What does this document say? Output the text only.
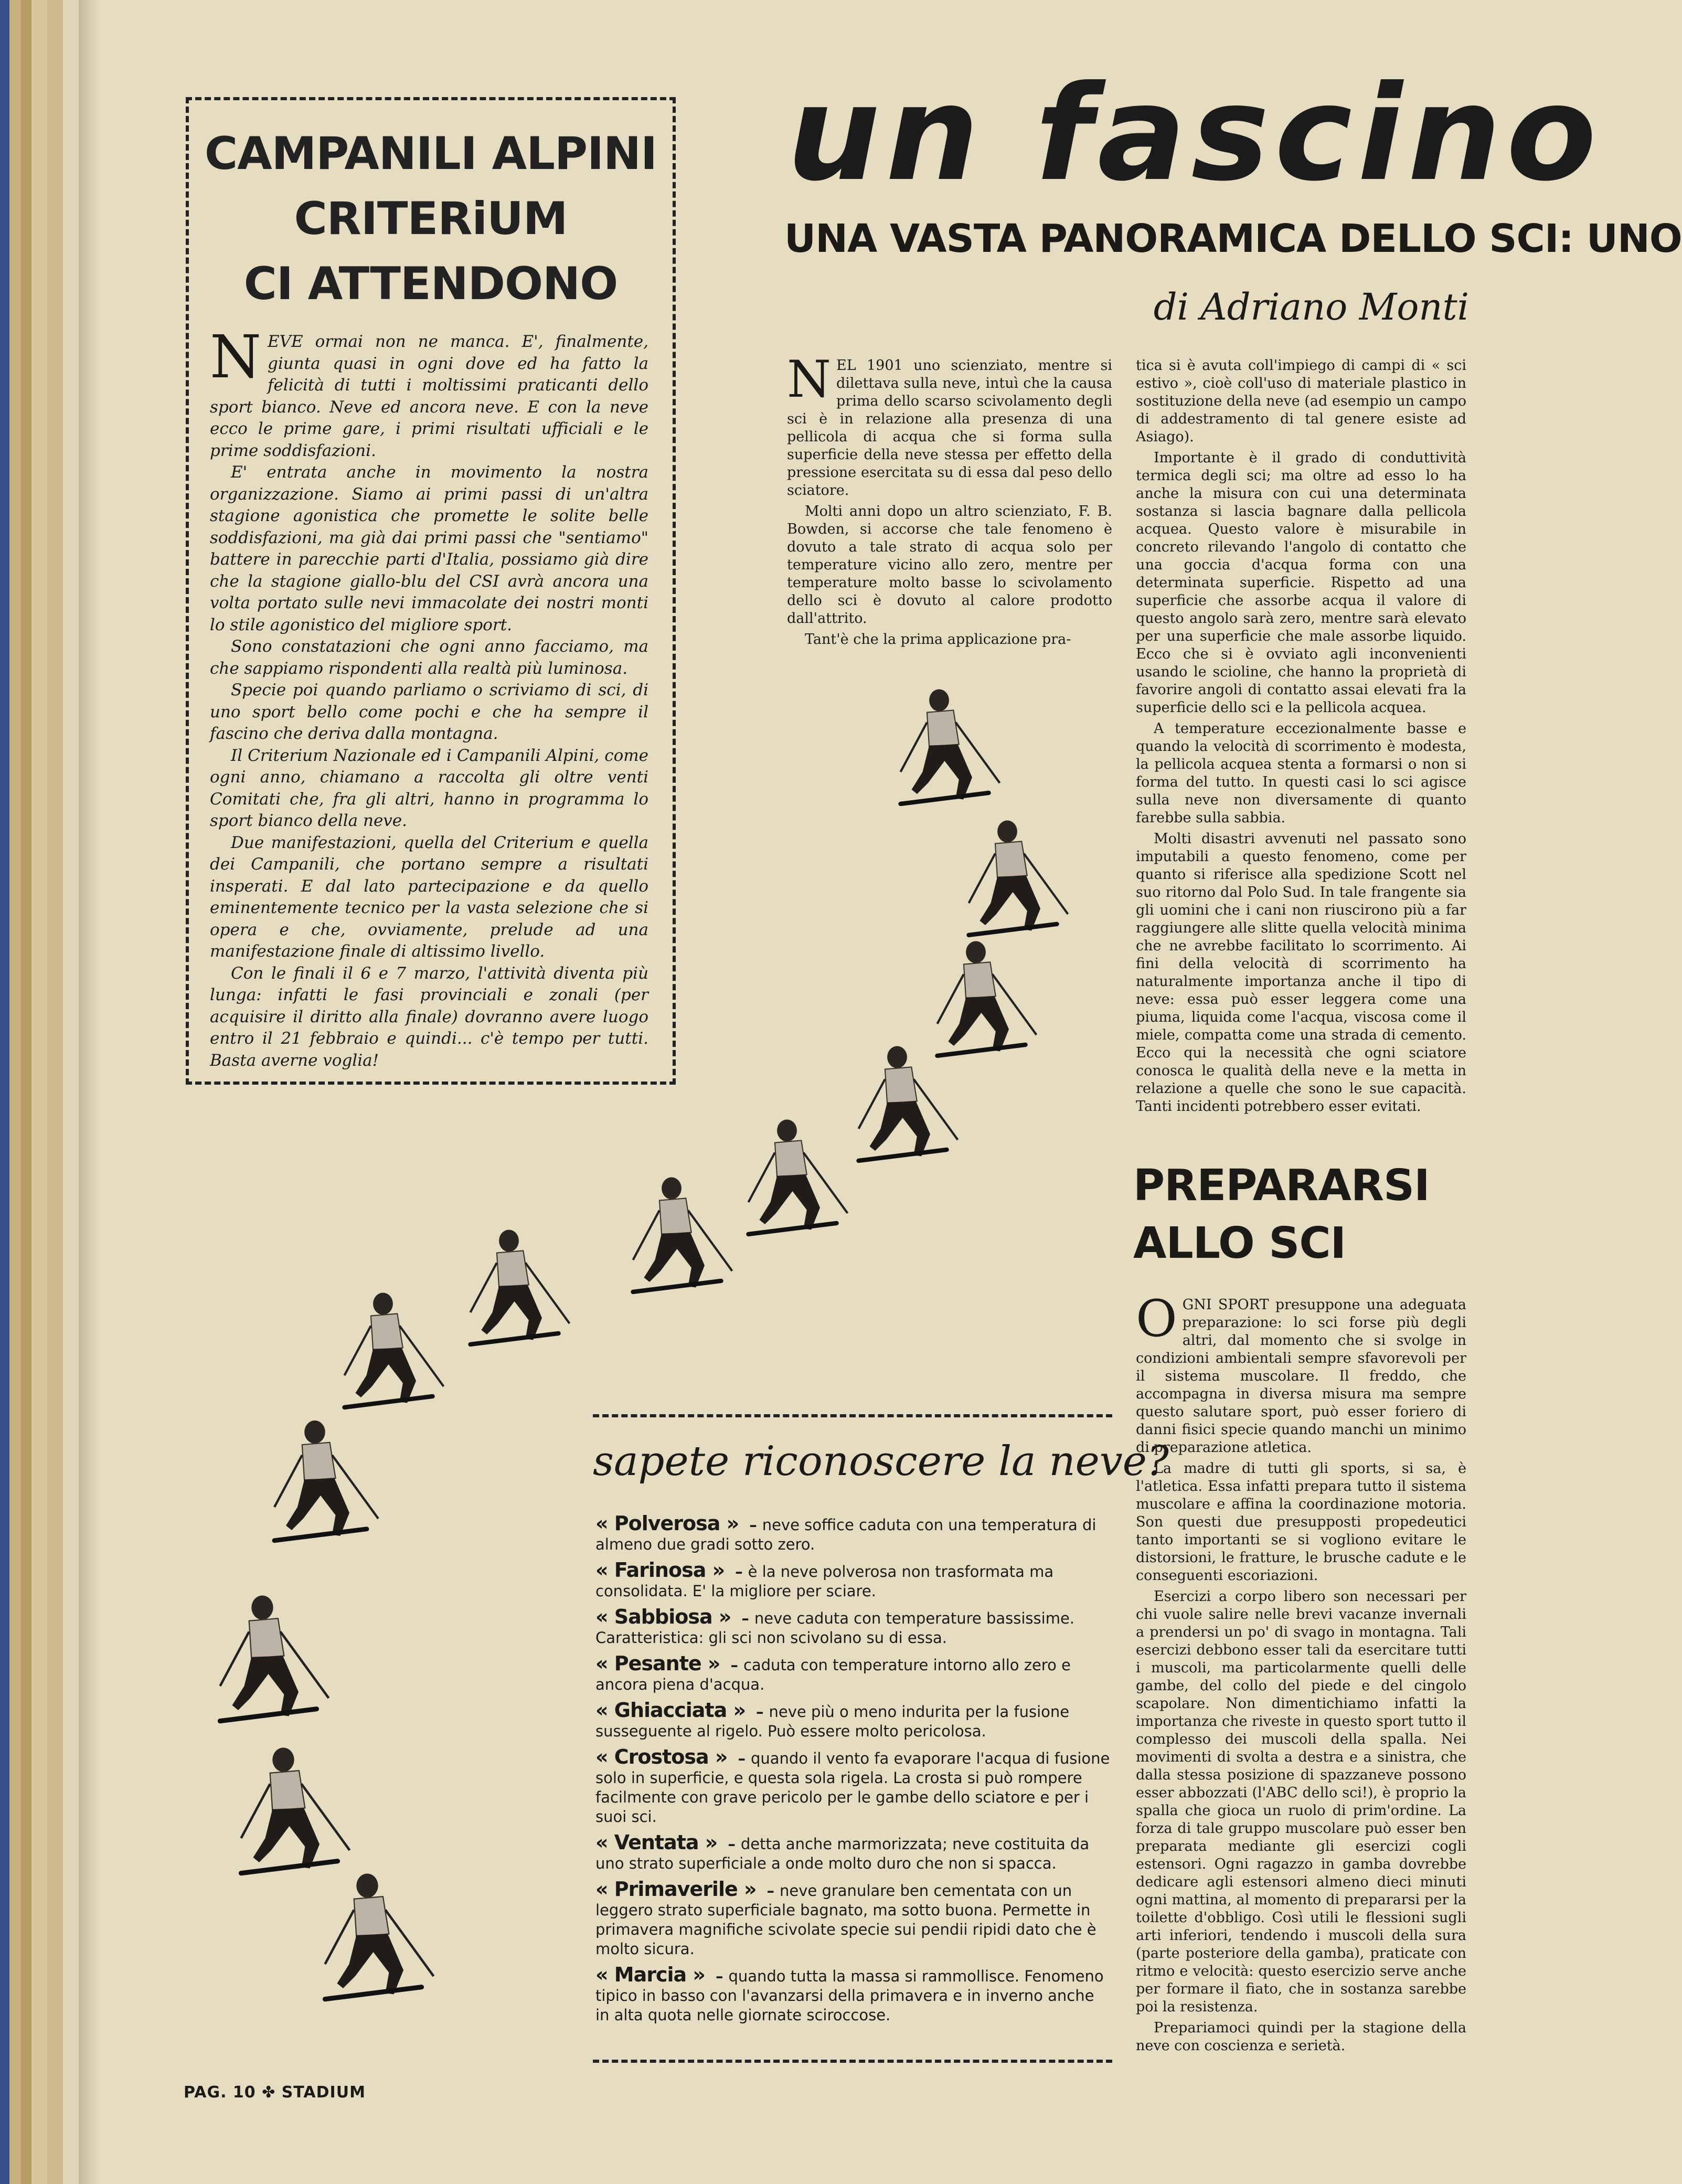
CAMPANILI ALPINI
CRITERiUM
CI ATTENDONO

NEVE ormai non ne manca. E', finalmente, giunta quasi in ogni dove ed ha fatto la felicità di tutti i moltissimi praticanti dello sport bianco. Neve ed ancora neve. E con la neve ecco le prime gare, i primi risultati ufficiali e le prime soddisfazioni.

E' entrata anche in movimento la nostra organizzazione. Siamo ai primi passi di un'altra stagione agonistica che promette le solite belle soddisfazioni, ma già dai primi passi che "sentiamo" battere in parecchie parti d'Italia, possiamo già dire che la stagione giallo-blu del CSI avrà ancora una volta portato sulle nevi immacolate dei nostri monti lo stile agonistico del migliore sport.

Sono constatazioni che ogni anno facciamo, ma che sappiamo rispondenti alla realtà più luminosa.

Specie poi quando parliamo o scriviamo di sci, di uno sport bello come pochi e che ha sempre il fascino che deriva dalla montagna.

Il Criterium Nazionale ed i Campanili Alpini, come ogni anno, chiamano a raccolta gli oltre venti Comitati che, fra gli altri, hanno in programma lo sport bianco della neve.

Due manifestazioni, quella del Criterium e quella dei Campanili, che portano sempre a risultati insperati. E dal lato partecipazione e da quello eminentemente tecnico per la vasta selezione che si opera e che, ovviamente, prelude ad una manifestazione finale di altissimo livello.

Con le finali il 6 e 7 marzo, l'attività diventa più lunga: infatti le fasi provinciali e zonali (per acquisire il diritto alla finale) dovranno avere luogo entro il 21 febbraio e quindi... c'è tempo per tutti. Basta averne voglia!

un fascino
UNA VASTA PANORAMICA DELLO SCI: UNO
di Adriano Monti

NEL 1901 uno scienziato, mentre si dilettava sulla neve, intuì che la causa prima dello scarso scivolamento degli sci è in relazione alla presenza di una pellicola di acqua che si forma sulla superficie della neve stessa per effetto della pressione esercitata su di essa dal peso dello sciatore.

Molti anni dopo un altro scienziato, F. B. Bowden, si accorse che tale fenomeno è dovuto a tale strato di acqua solo per temperature vicino allo zero, mentre per temperature molto basse lo scivolamento dello sci è dovuto al calore prodotto dall'attrito.

Tant'è che la prima applicazione pra-

tica si è avuta coll'impiego di campi di « sci estivo », cioè coll'uso di materiale plastico in sostituzione della neve (ad esempio un campo di addestramento di tal genere esiste ad Asiago).

Importante è il grado di conduttività termica degli sci; ma oltre ad esso lo ha anche la misura con cui una determinata sostanza si lascia bagnare dalla pellicola acquea. Questo valore è misurabile in concreto rilevando l'angolo di contatto che una goccia d'acqua forma con una determinata superficie. Rispetto ad una superficie che assorbe acqua il valore di questo angolo sarà zero, mentre sarà elevato per una superficie che male assorbe liquido. Ecco che si è ovviato agli inconvenienti usando le scioline, che hanno la proprietà di favorire angoli di contatto assai elevati fra la superficie dello sci e la pellicola acquea.

A temperature eccezionalmente basse e quando la velocità di scorrimento è modesta, la pellicola acquea stenta a formarsi o non si forma del tutto. In questi casi lo sci agisce sulla neve non diversamente di quanto farebbe sulla sabbia.

Molti disastri avvenuti nel passato sono imputabili a questo fenomeno, come per quanto si riferisce alla spedizione Scott nel suo ritorno dal Polo Sud. In tale frangente sia gli uomini che i cani non riuscirono più a far raggiungere alle slitte quella velocità minima che ne avrebbe facilitato lo scorrimento. Ai fini della velocità di scorrimento ha naturalmente importanza anche il tipo di neve: essa può esser leggera come una piuma, liquida come l'acqua, viscosa come il miele, compatta come una strada di cemento. Ecco qui la necessità che ogni sciatore conosca le qualità della neve e la metta in relazione a quelle che sono le sue capacità. Tanti incidenti potrebbero esser evitati.

PREPARARSI
ALLO SCI

OGNI SPORT presuppone una adeguata preparazione: lo sci forse più degli altri, dal momento che si svolge in condizioni ambientali sempre sfavorevoli per il sistema muscolare. Il freddo, che accompagna in diversa misura ma sempre questo salutare sport, può esser foriero di danni fisici specie quando manchi un minimo di preparazione atletica.

La madre di tutti gli sports, si sa, è l'atletica. Essa infatti prepara tutto il sistema muscolare e affina la coordinazione motoria. Son questi due presupposti propedeutici tanto importanti se si vogliono evitare le distorsioni, le fratture, le brusche cadute e le conseguenti escoriazioni.

Esercizi a corpo libero son necessari per chi vuole salire nelle brevi vacanze invernali a prendersi un po' di svago in montagna. Tali esercizi debbono esser tali da esercitare tutti i muscoli, ma particolarmente quelli delle gambe, del collo del piede e del cingolo scapolare. Non dimentichiamo infatti la importanza che riveste in questo sport tutto il complesso dei muscoli della spalla. Nei movimenti di svolta a destra e a sinistra, che dalla stessa posizione di spazzaneve possono esser abbozzati (l'ABC dello sci!), è proprio la spalla che gioca un ruolo di prim'ordine. La forza di tale gruppo muscolare può esser ben preparata mediante gli esercizi cogli estensori. Ogni ragazzo in gamba dovrebbe dedicare agli estensori almeno dieci minuti ogni mattina, al momento di prepararsi per la toilette d'obbligo. Così utili le flessioni sugli arti inferiori, tendendo i muscoli della sura (parte posteriore della gamba), praticate con ritmo e velocità: questo esercizio serve anche per formare il fiato, che in sostanza sarebbe poi la resistenza.

Prepariamoci quindi per la stagione della neve con coscienza e serietà.

sapete riconoscere la neve?
« Polverosa » – neve soffice caduta con una temperatura di almeno due gradi sotto zero.
« Farinosa » – è la neve polverosa non trasformata ma consolidata. E' la migliore per sciare.
« Sabbiosa » – neve caduta con temperature bassissime. Caratteristica: gli sci non scivolano su di essa.
« Pesante » – caduta con temperature intorno allo zero e ancora piena d'acqua.
« Ghiacciata » – neve più o meno indurita per la fusione susseguente al rigelo. Può essere molto pericolosa.
« Crostosa » – quando il vento fa evaporare l'acqua di fusione solo in superficie, e questa sola rigela. La crosta si può rompere facilmente con grave pericolo per le gambe dello sciatore e per i suoi sci.
« Ventata » – detta anche marmorizzata; neve costituita da uno strato superficiale a onde molto duro che non si spacca.
« Primaverile » – neve granulare ben cementata con un leggero strato superficiale bagnato, ma sotto buona. Permette in primavera magnifiche scivolate specie sui pendii ripidi dato che è molto sicura.
« Marcia » – quando tutta la massa si rammollisce. Fenomeno tipico in basso con l'avanzarsi della primavera e in inverno anche in alta quota nelle giornate sciroccose.
PAG. 10 ✤ STADIUM
